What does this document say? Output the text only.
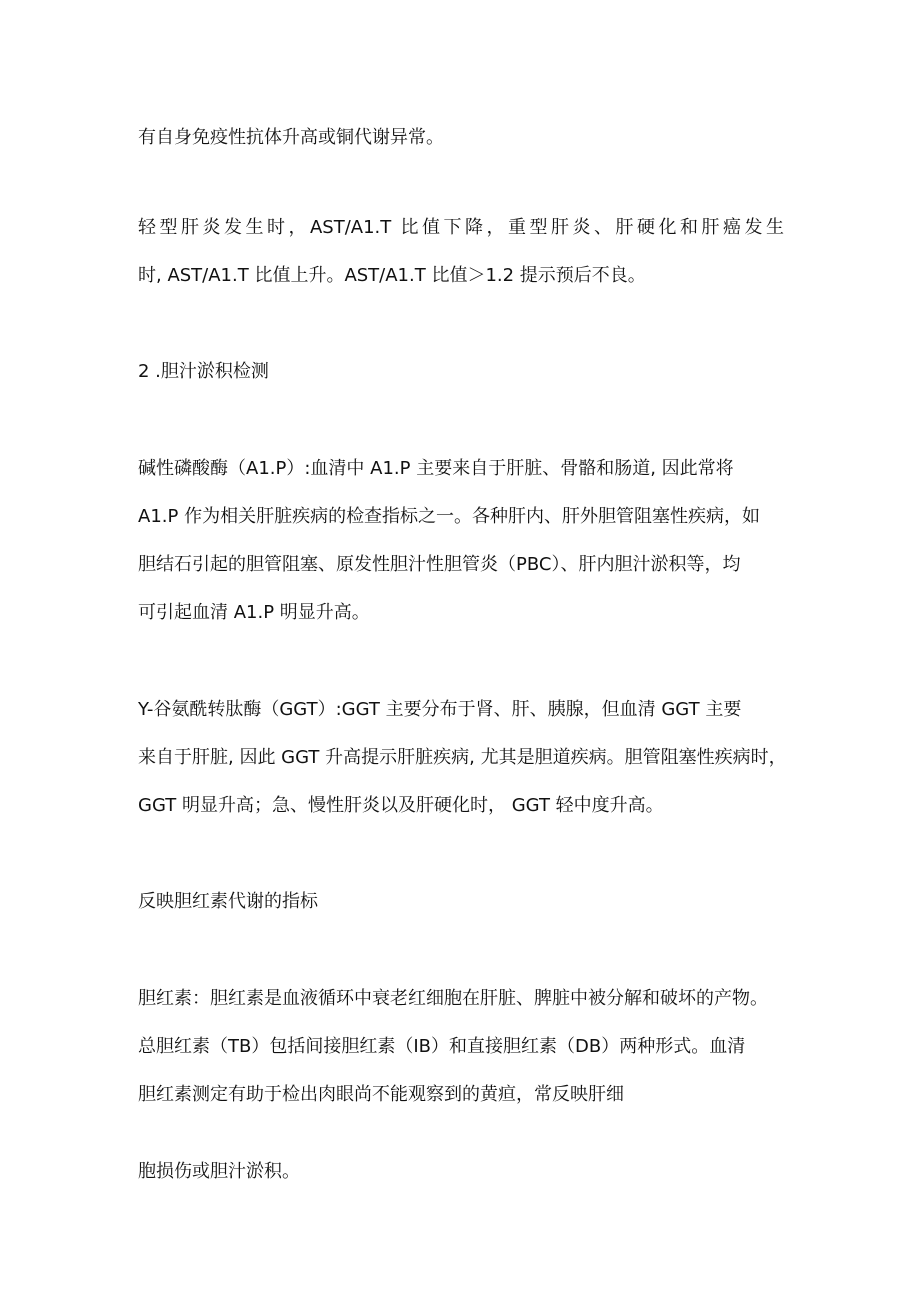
有自身免疫性抗体升高或铜代谢异常。

轻型肝炎发生时，AST/A1.T 比值下降，重型肝炎、肝硬化和肝癌发生

时, AST/A1.T 比值上升。AST/A1.T 比值＞1.2 提示预后不良。

2 .胆汁淤积检测

碱性磷酸酶（A1.P）:血清中 A1.P 主要来自于肝脏、骨骼和肠道, 因此常将

A1.P 作为相关肝脏疾病的检查指标之一。各种肝内、肝外胆管阻塞性疾病，如

胆结石引起的胆管阻塞、原发性胆汁性胆管炎（PBC）、肝内胆汁淤积等，均

可引起血清 A1.P 明显升高。

Y-谷氨酰转肽酶（GGT）:GGT 主要分布于肾、肝、胰腺，但血清 GGT 主要

来自于肝脏, 因此 GGT 升高提示肝脏疾病, 尤其是胆道疾病。胆管阻塞性疾病时，

GGT 明显升高；急、慢性肝炎以及肝硬化时， GGT 轻中度升高。

反映胆红素代谢的指标

胆红素：胆红素是血液循环中衰老红细胞在肝脏、脾脏中被分解和破坏的产物。

总胆红素（TB）包括间接胆红素（IB）和直接胆红素（DB）两种形式。血清

胆红素测定有助于检出肉眼尚不能观察到的黄疸，常反映肝细

胞损伤或胆汁淤积。
